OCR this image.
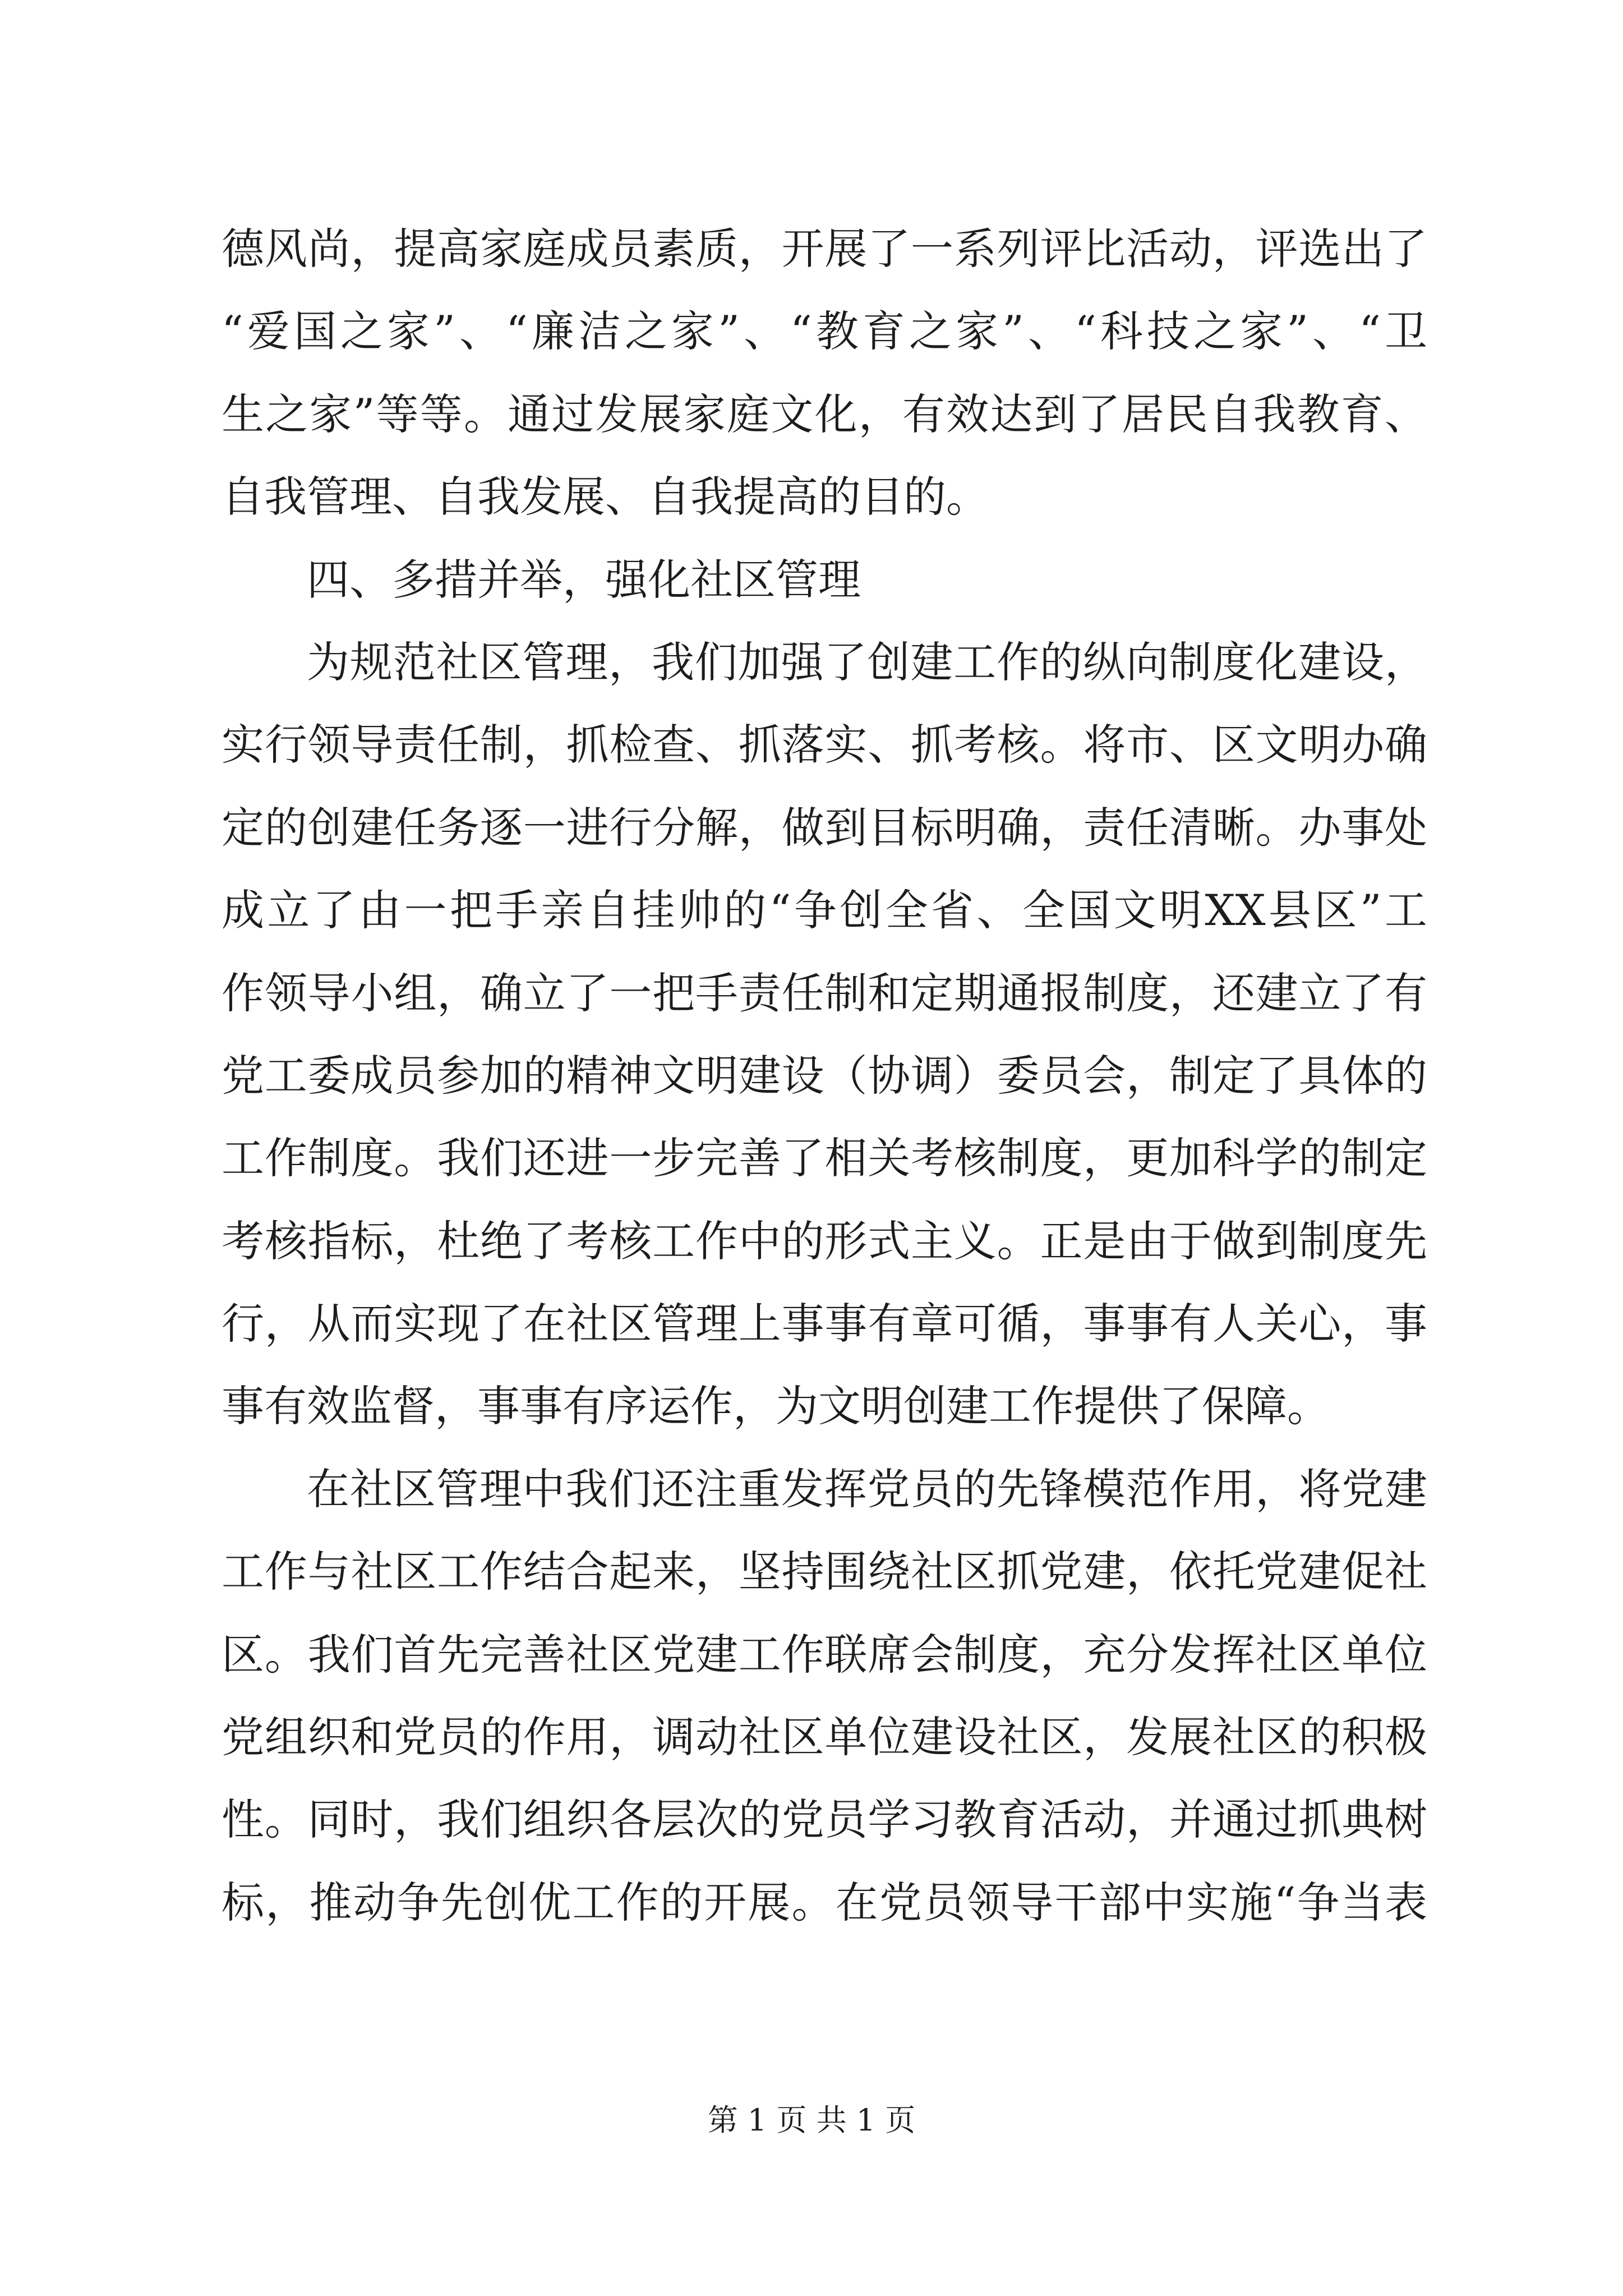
德风尚，提高家庭成员素质，开展了一系列评比活动，评选出了
“爱国之家”、“廉洁之家”、“教育之家”、“科技之家”、“卫
生之家”等等。通过发展家庭文化，有效达到了居民自我教育、
自我管理、自我发展、自我提高的目的。
四、多措并举，强化社区管理
为规范社区管理，我们加强了创建工作的纵向制度化建设，
实行领导责任制，抓检查、抓落实、抓考核。将市、区文明办确
定的创建任务逐一进行分解，做到目标明确，责任清晰。办事处
成立了由一把手亲自挂帅的“争创全省、全国文明XX县区”工
作领导小组，确立了一把手责任制和定期通报制度，还建立了有
党工委成员参加的精神文明建设（协调）委员会，制定了具体的
工作制度。我们还进一步完善了相关考核制度，更加科学的制定
考核指标，杜绝了考核工作中的形式主义。正是由于做到制度先
行，从而实现了在社区管理上事事有章可循，事事有人关心，事
事有效监督，事事有序运作，为文明创建工作提供了保障。
在社区管理中我们还注重发挥党员的先锋模范作用，将党建
工作与社区工作结合起来，坚持围绕社区抓党建，依托党建促社
区。我们首先完善社区党建工作联席会制度，充分发挥社区单位
党组织和党员的作用，调动社区单位建设社区，发展社区的积极
性。同时，我们组织各层次的党员学习教育活动，并通过抓典树
标，推动争先创优工作的开展。在党员领导干部中实施“争当表
第 1 页 共 1 页
